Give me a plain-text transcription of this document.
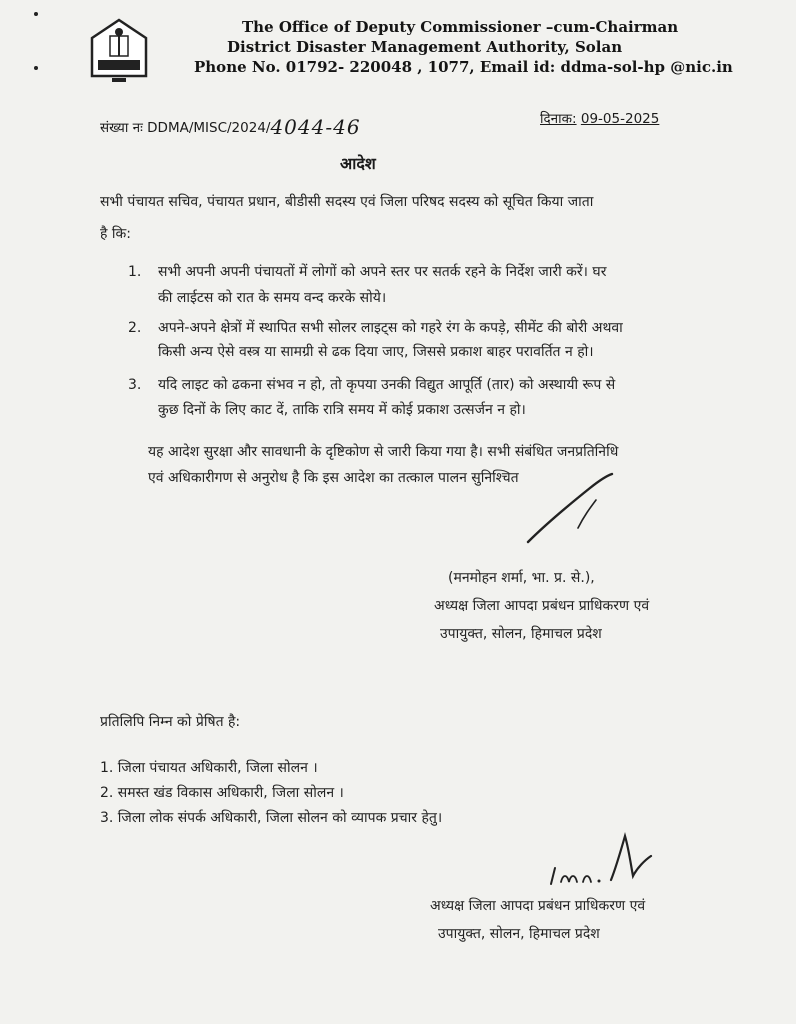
The Office of Deputy Commissioner –cum-Chairman
District Disaster Management Authority, Solan
Phone No. 01792- 220048 , 1077, Email id: ddma-sol-hp @nic.in
संख्या नः DDMA/MISC/2024/4044-46	दिनाक: 09-05-2025
आदेश
सभी पंचायत सचिव, पंचायत प्रधान, बीडीसी सदस्य एवं जिला परिषद सदस्य को सूचित किया जाता
है कि:
1. सभी अपनी अपनी पंचायतों में लोगों को अपने स्तर पर सतर्क रहने के निर्देश जारी करें। घर
की लाईटस को रात के समय वन्द करके सोये।
2. अपने-अपने क्षेत्रों में स्थापित सभी सोलर लाइट्स को गहरे रंग के कपड़े, सीमेंट की बोरी अथवा
किसी अन्य ऐसे वस्त्र या सामग्री से ढक दिया जाए, जिससे प्रकाश बाहर परावर्तित न हो।
3. यदि लाइट को ढकना संभव न हो, तो कृपया उनकी विद्युत आपूर्ति (तार) को अस्थायी रूप से
कुछ दिनों के लिए काट दें, ताकि रात्रि समय में कोई प्रकाश उत्सर्जन न हो।
यह आदेश सुरक्षा और सावधानी के दृष्टिकोण से जारी किया गया है। सभी संबंधित जनप्रतिनिधि
एवं अधिकारीगण से अनुरोध है कि इस आदेश का तत्काल पालन सुनिश्चित
(मनमोहन शर्मा, भा. प्र. से.),
अध्यक्ष जिला आपदा प्रबंधन प्राधिकरण एवं
उपायुक्त, सोलन, हिमाचल प्रदेश
प्रतिलिपि निम्न को प्रेषित है:
1. जिला पंचायत अधिकारी, जिला सोलन ।
2. समस्त खंड विकास अधिकारी, जिला सोलन ।
3. जिला लोक संपर्क अधिकारी, जिला सोलन को व्यापक प्रचार हेतु।
अध्यक्ष जिला आपदा प्रबंधन प्राधिकरण एवं
उपायुक्त, सोलन, हिमाचल प्रदेश
